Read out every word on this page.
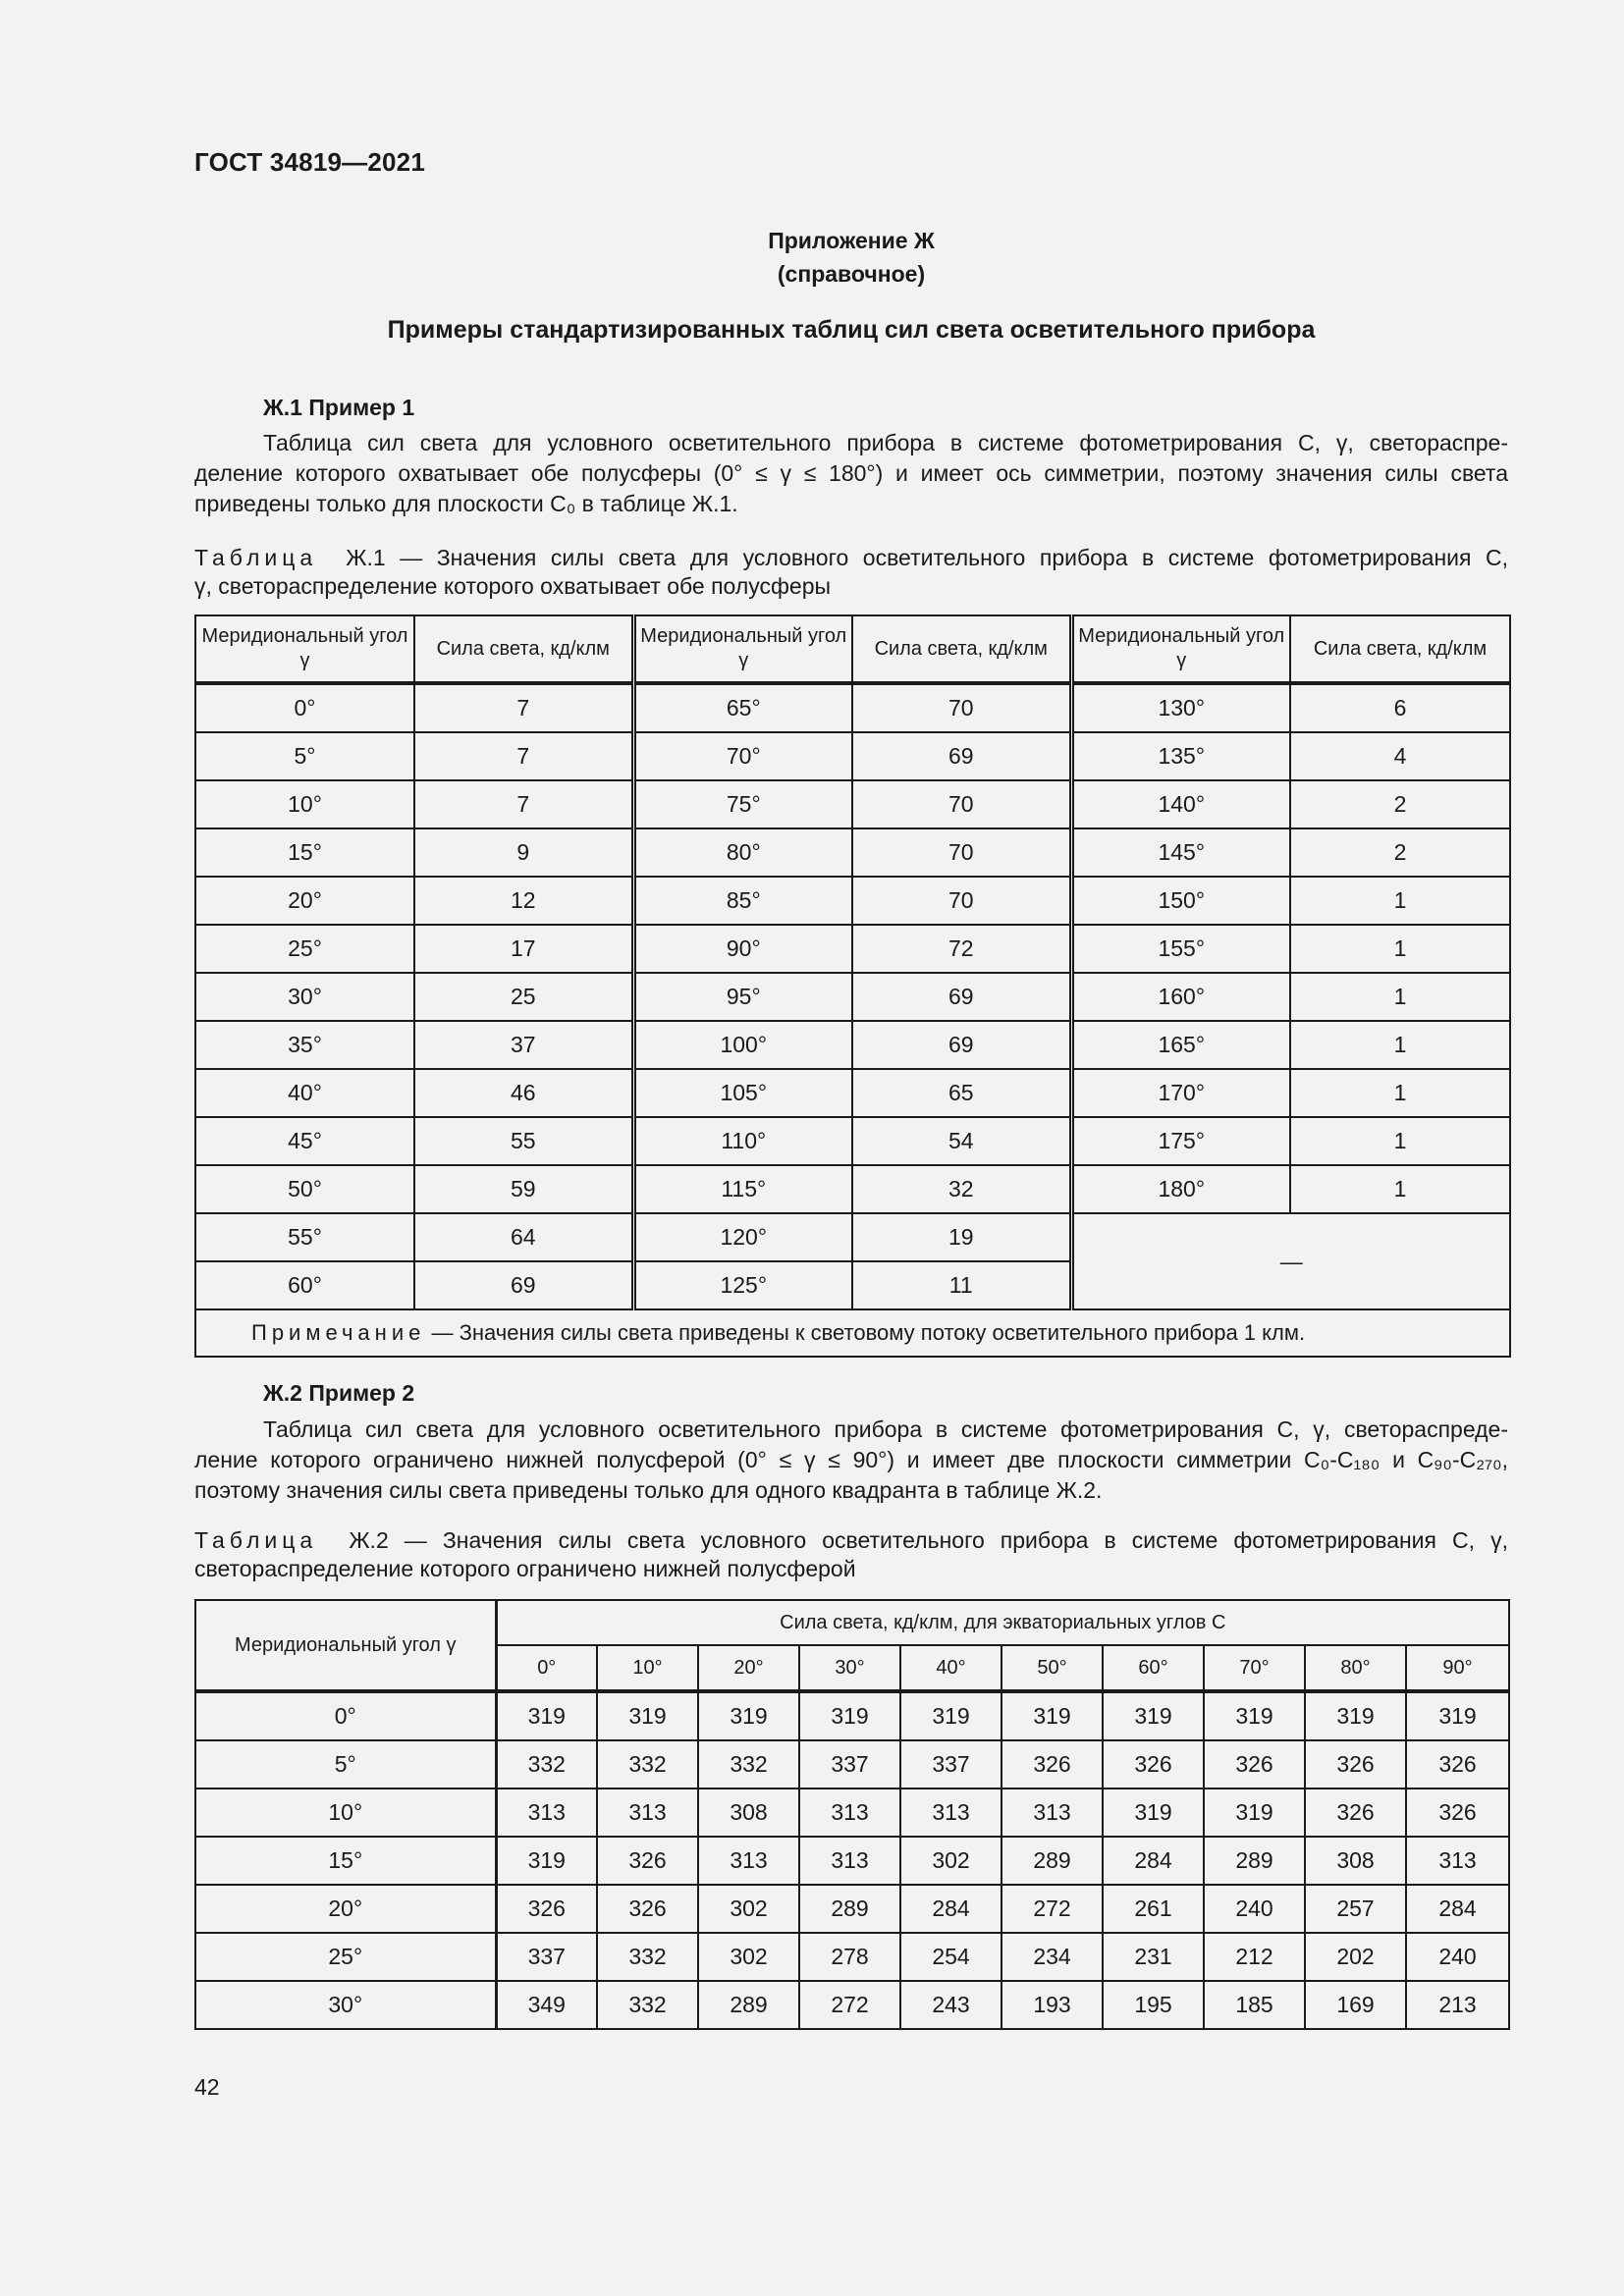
ГОСТ 34819—2021
Приложение Ж
(справочное)
Примеры стандартизированных таблиц сил света осветительного прибора
Ж.1 Пример 1
Таблица сил света для условного осветительного прибора в системе фотометрирования C, γ, светораспре-
деление которого охватывает обе полусферы (0° ≤ γ ≤ 180°) и имеет ось симметрии, поэтому значения силы света
приведены только для плоскости C₀ в таблице Ж.1.
Таблица Ж.1 — Значения силы света для условного осветительного прибора в системе фотометрирования C,
γ, светораспределение которого охватывает обе полусферы
Меридиональный угол γ	Сила света, кд/клм	Меридиональный угол γ	Сила света, кд/клм	Меридиональный угол γ	Сила света, кд/клм
0°	7	65°	70	130°	6
5°	7	70°	69	135°	4
10°	7	75°	70	140°	2
15°	9	80°	70	145°	2
20°	12	85°	70	150°	1
25°	17	90°	72	155°	1
30°	25	95°	69	160°	1
35°	37	100°	69	165°	1
40°	46	105°	65	170°	1
45°	55	110°	54	175°	1
50°	59	115°	32	180°	1
55°	64	120°	19	—	
60°	69	125°	11		
Примечание — Значения силы света приведены к световому потоку осветительного прибора 1 клм.					
Ж.2 Пример 2
Таблица сил света для условного осветительного прибора в системе фотометрирования C, γ, светораспреде-
ление которого ограничено нижней полусферой (0° ≤ γ ≤ 90°) и имеет две плоскости симметрии C₀-C₁₈₀ и C₉₀-C₂₇₀,
поэтому значения силы света приведены только для одного квадранта в таблице Ж.2.
Таблица Ж.2 — Значения силы света условного осветительного прибора в системе фотометрирования C, γ,
светораспределение которого ограничено нижней полусферой
Меридиональный угол γ	Сила света, кд/клм, для экваториальных углов C									
	0°	10°	20°	30°	40°	50°	60°	70°	80°	90°
0°	319	319	319	319	319	319	319	319	319	319
5°	332	332	332	337	337	326	326	326	326	326
10°	313	313	308	313	313	313	319	319	326	326
15°	319	326	313	313	302	289	284	289	308	313
20°	326	326	302	289	284	272	261	240	257	284
25°	337	332	302	278	254	234	231	212	202	240
30°	349	332	289	272	243	193	195	185	169	213
42
